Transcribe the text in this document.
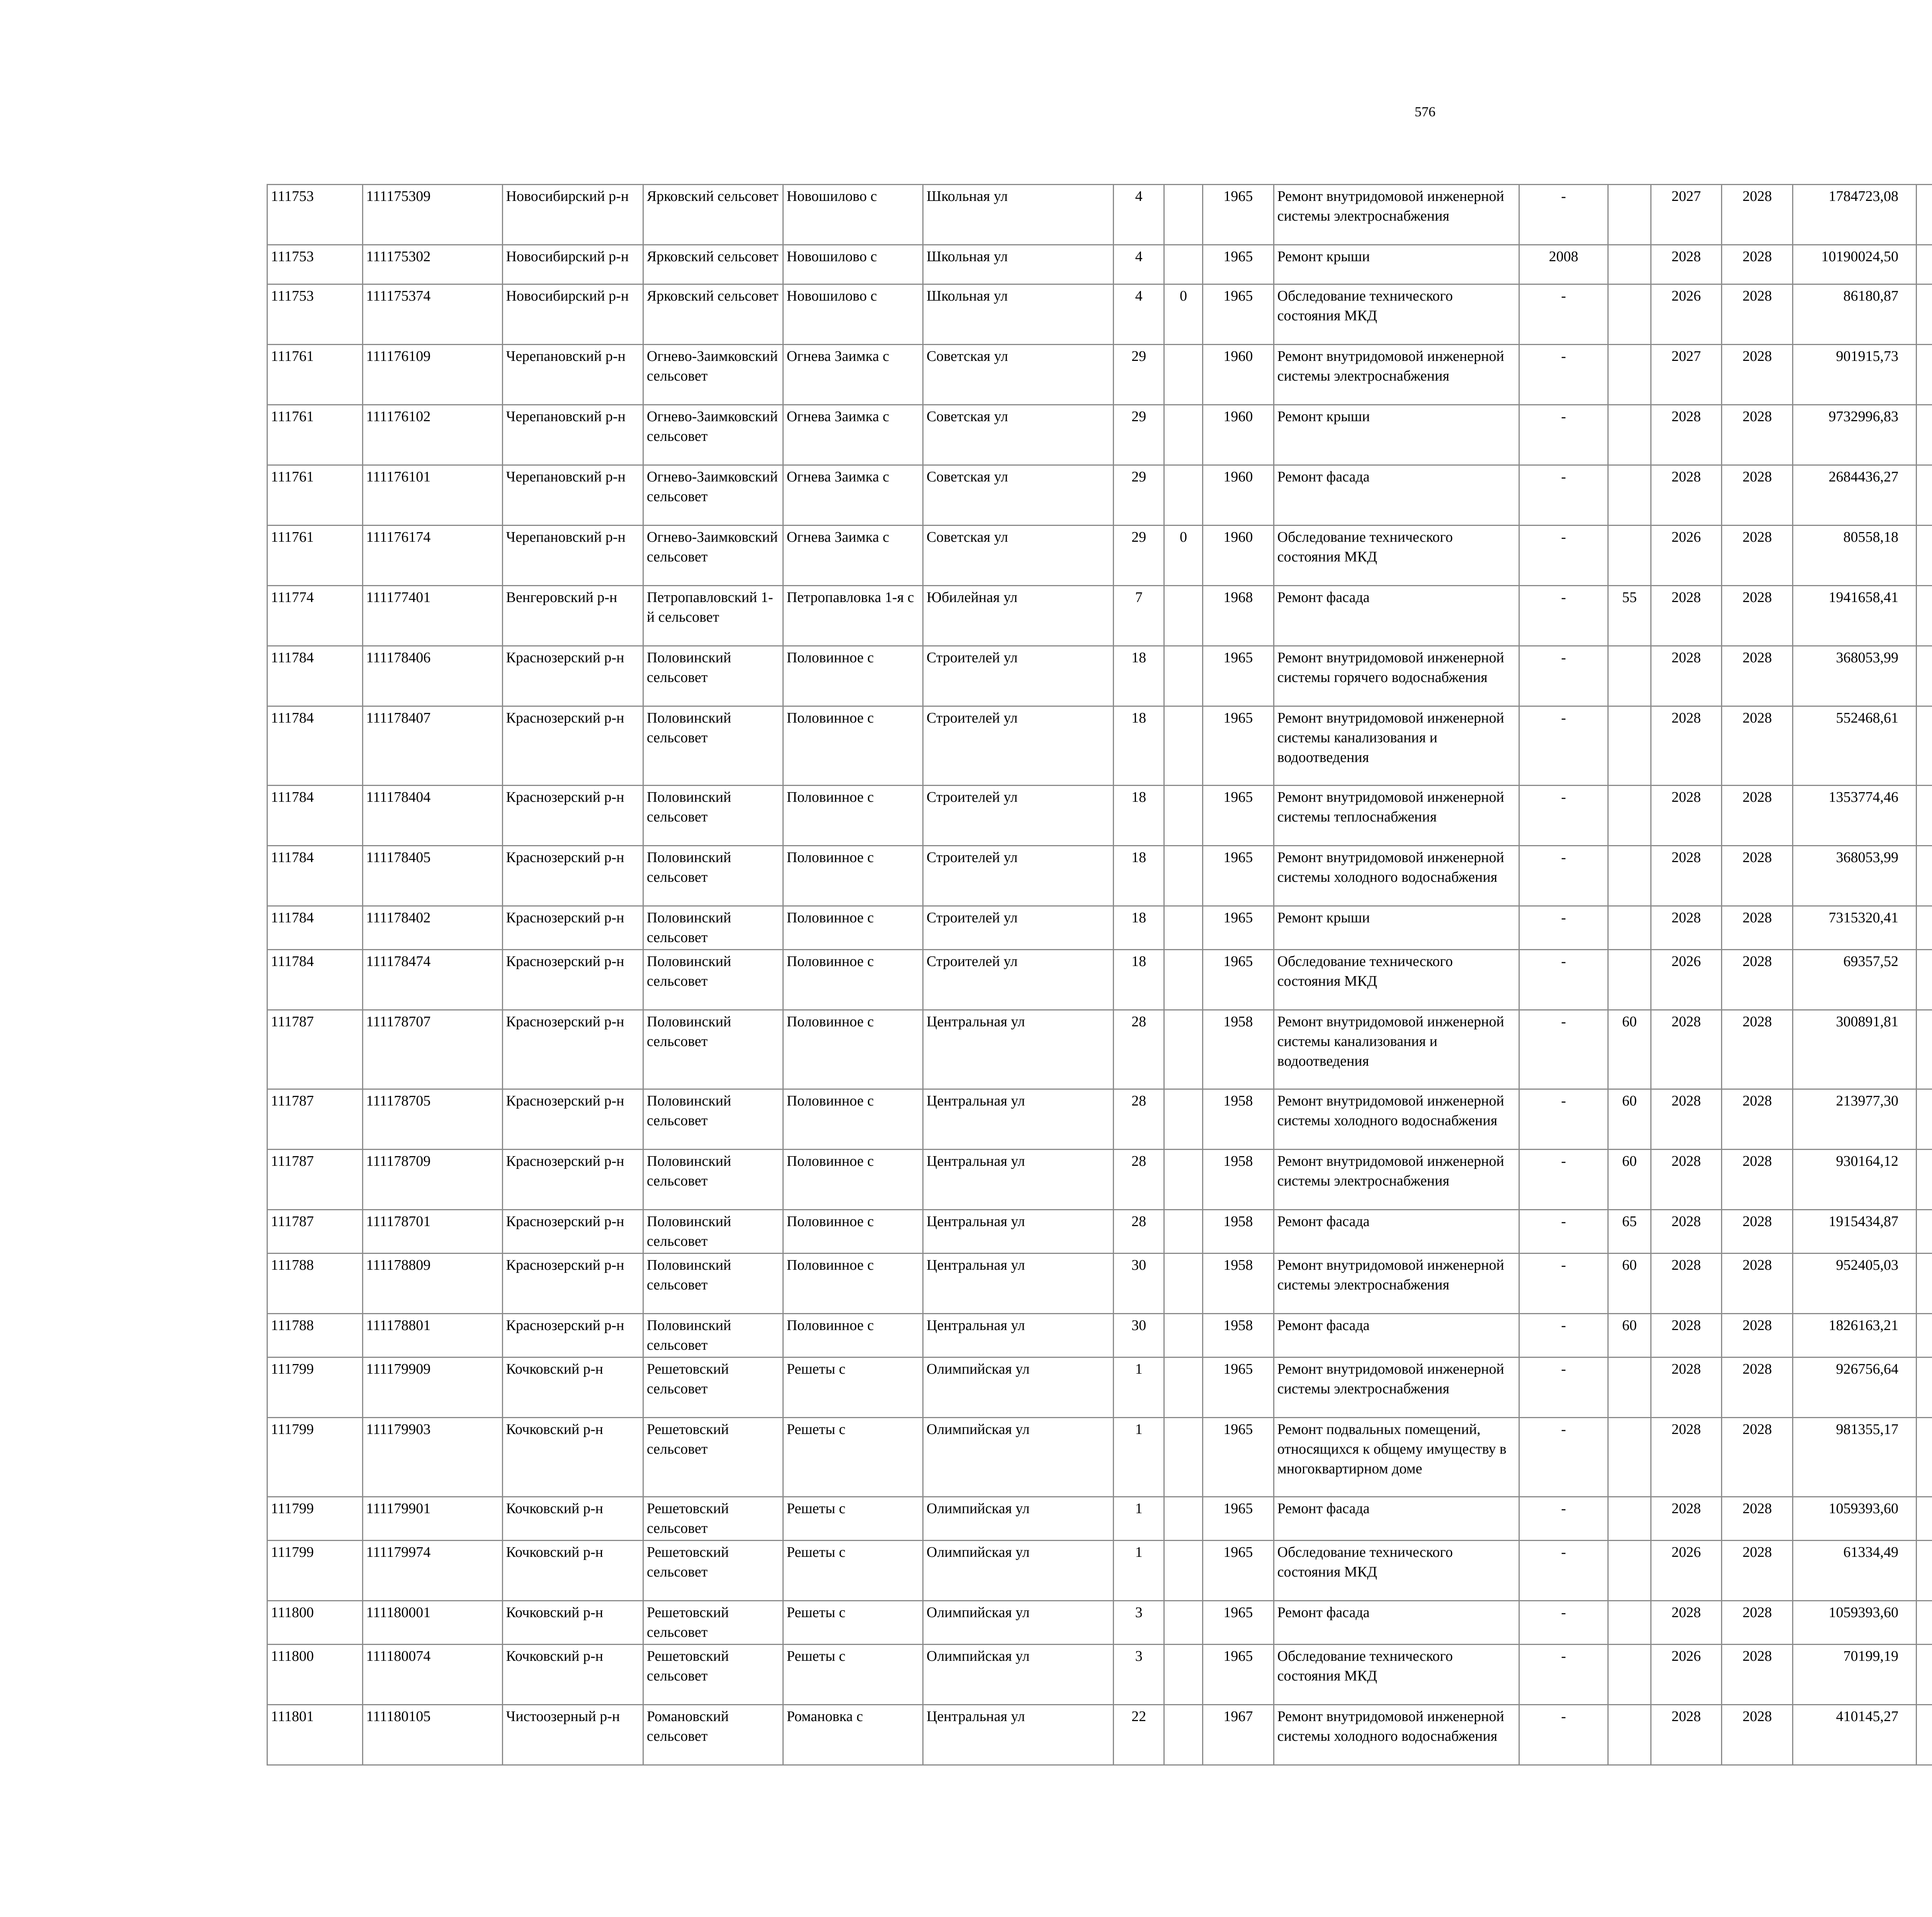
576
111753	111175309	Новосибирский р-н	Ярковский сельсовет	Новошилово с	Школьная ул	4		1965	Ремонт внутридомовой инженерной системы электроснабжения	-		2027	2028	1784723,08					
111753	111175302	Новосибирский р-н	Ярковский сельсовет	Новошилово с	Школьная ул	4		1965	Ремонт крыши	2008		2028	2028	10190024,50					
111753	111175374	Новосибирский р-н	Ярковский сельсовет	Новошилово с	Школьная ул	4	0	1965	Обследование технического состояния МКД	-		2026	2028	86180,87					
111761	111176109	Черепановский р-н	Огнево-Заимковский сельсовет	Огнева Заимка с	Советская ул	29		1960	Ремонт внутридомовой инженерной системы электроснабжения	-		2027	2028	901915,73					
111761	111176102	Черепановский р-н	Огнево-Заимковский сельсовет	Огнева Заимка с	Советская ул	29		1960	Ремонт крыши	-		2028	2028	9732996,83					
111761	111176101	Черепановский р-н	Огнево-Заимковский сельсовет	Огнева Заимка с	Советская ул	29		1960	Ремонт фасада	-		2028	2028	2684436,27					
111761	111176174	Черепановский р-н	Огнево-Заимковский сельсовет	Огнева Заимка с	Советская ул	29	0	1960	Обследование технического состояния МКД	-		2026	2028	80558,18					
111774	111177401	Венгеровский р-н	Петропавловский 1-й сельсовет	Петропавловка 1-я с	Юбилейная ул	7		1968	Ремонт фасада	-	55	2028	2028	1941658,41					
111784	111178406	Краснозерский р-н	Половинский сельсовет	Половинное с	Строителей ул	18		1965	Ремонт внутридомовой инженерной системы горячего водоснабжения	-		2028	2028	368053,99					
111784	111178407	Краснозерский р-н	Половинский сельсовет	Половинное с	Строителей ул	18		1965	Ремонт внутридомовой инженерной системы канализования и водоотведения	-		2028	2028	552468,61					
111784	111178404	Краснозерский р-н	Половинский сельсовет	Половинное с	Строителей ул	18		1965	Ремонт внутридомовой инженерной системы теплоснабжения	-		2028	2028	1353774,46					
111784	111178405	Краснозерский р-н	Половинский сельсовет	Половинное с	Строителей ул	18		1965	Ремонт внутридомовой инженерной системы холодного водоснабжения	-		2028	2028	368053,99					
111784	111178402	Краснозерский р-н	Половинский сельсовет	Половинное с	Строителей ул	18		1965	Ремонт крыши	-		2028	2028	7315320,41					
111784	111178474	Краснозерский р-н	Половинский сельсовет	Половинное с	Строителей ул	18		1965	Обследование технического состояния МКД	-		2026	2028	69357,52					
111787	111178707	Краснозерский р-н	Половинский сельсовет	Половинное с	Центральная ул	28		1958	Ремонт внутридомовой инженерной системы канализования и водоотведения	-	60	2028	2028	300891,81					
111787	111178705	Краснозерский р-н	Половинский сельсовет	Половинное с	Центральная ул	28		1958	Ремонт внутридомовой инженерной системы холодного водоснабжения	-	60	2028	2028	213977,30					
111787	111178709	Краснозерский р-н	Половинский сельсовет	Половинное с	Центральная ул	28		1958	Ремонт внутридомовой инженерной системы электроснабжения	-	60	2028	2028	930164,12					
111787	111178701	Краснозерский р-н	Половинский сельсовет	Половинное с	Центральная ул	28		1958	Ремонт фасада	-	65	2028	2028	1915434,87					
111788	111178809	Краснозерский р-н	Половинский сельсовет	Половинное с	Центральная ул	30		1958	Ремонт внутридомовой инженерной системы электроснабжения	-	60	2028	2028	952405,03					
111788	111178801	Краснозерский р-н	Половинский сельсовет	Половинное с	Центральная ул	30		1958	Ремонт фасада	-	60	2028	2028	1826163,21					
111799	111179909	Кочковский р-н	Решетовский сельсовет	Решеты с	Олимпийская ул	1		1965	Ремонт внутридомовой инженерной системы электроснабжения	-		2028	2028	926756,64					
111799	111179903	Кочковский р-н	Решетовский сельсовет	Решеты с	Олимпийская ул	1		1965	Ремонт подвальных помещений, относящихся к общему имуществу в многоквартирном доме	-		2028	2028	981355,17					
111799	111179901	Кочковский р-н	Решетовский сельсовет	Решеты с	Олимпийская ул	1		1965	Ремонт фасада	-		2028	2028	1059393,60					
111799	111179974	Кочковский р-н	Решетовский сельсовет	Решеты с	Олимпийская ул	1		1965	Обследование технического состояния МКД	-		2026	2028	61334,49					
111800	111180001	Кочковский р-н	Решетовский сельсовет	Решеты с	Олимпийская ул	3		1965	Ремонт фасада	-		2028	2028	1059393,60					
111800	111180074	Кочковский р-н	Решетовский сельсовет	Решеты с	Олимпийская ул	3		1965	Обследование технического состояния МКД	-		2026	2028	70199,19					
111801	111180105	Чистоозерный р-н	Романовский сельсовет	Романовка с	Центральная ул	22		1967	Ремонт внутридомовой инженерной системы холодного водоснабжения	-		2028	2028	410145,27					
